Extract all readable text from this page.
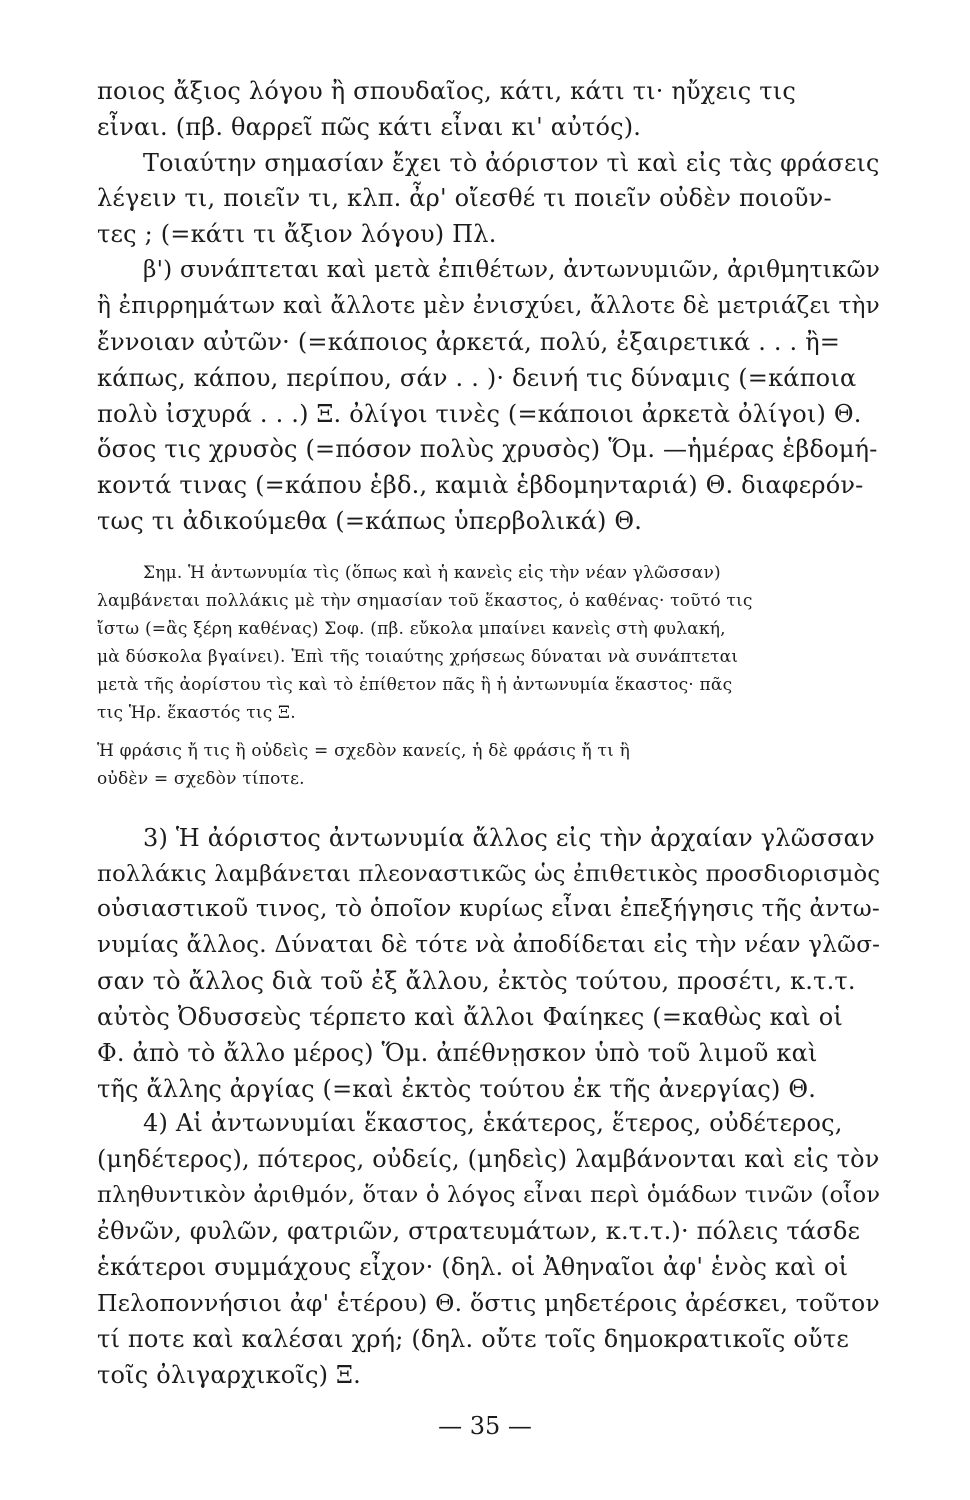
ποιος ἄξιος λόγου ἢ σπουδαῖος, κάτι, κάτι τι· ηὔχεις τις
εἶναι. (πβ. θαρρεῖ πῶς κάτι εἶναι κι' αὐτός).
Τοιαύτην σημασίαν ἔχει τὸ ἀόριστον τὶ καὶ εἰς τὰς φράσεις
λέγειν τι, ποιεῖν τι, κλπ. ἆρ' οἴεσθέ τι ποιεῖν οὐδὲν ποιοῦν-
τες ; (=κάτι τι ἄξιον λόγου) Πλ.
β') συνάπτεται καὶ μετὰ ἐπιθέτων, ἀντωνυμιῶν, ἀριθμητικῶν
ἢ ἐπιρρημάτων καὶ ἄλλοτε μὲν ἐνισχύει, ἄλλοτε δὲ μετριάζει τὴν
ἔννοιαν αὐτῶν· (=κάποιος ἀρκετά, πολύ, ἐξαιρετικά . . . ἢ=
κάπως, κάπου, περίπου, σάν . . )· δεινή τις δύναμις (=κάποια
πολὺ ἰσχυρά . . .) Ξ. ὀλίγοι τινὲς (=κάποιοι ἀρκετὰ ὀλίγοι) Θ.
ὅσος τις χρυσὸς (=πόσον πολὺς χρυσὸς) Ὅμ. —ἡμέρας ἑβδομή-
κοντά τινας (=κάπου ἑβδ., καμιὰ ἑβδομηνταριά) Θ. διαφερόν-
τως τι ἀδικούμεθα (=κάπως ὑπερβολικά) Θ.
Σημ. Ἡ ἀντωνυμία τὶς (ὅπως καὶ ἡ κανεὶς εἰς τὴν νέαν γλῶσσαν)
λαμβάνεται πολλάκις μὲ τὴν σημασίαν τοῦ ἕκαστος, ὁ καθένας· τοῦτό τις
ἴστω (=ἂς ξέρη καθένας) Σοφ. (πβ. εὔκολα μπαίνει κανεὶς στὴ φυλακή,
μὰ δύσκολα βγαίνει). Ἐπὶ τῆς τοιαύτης χρήσεως δύναται νὰ συνάπτεται
μετὰ τῆς ἀορίστου τὶς καὶ τὸ ἐπίθετον πᾶς ἢ ἡ ἀντωνυμία ἕκαστος· πᾶς
τις Ἡρ. ἕκαστός τις Ξ.
Ἡ φράσις ἤ τις ἢ οὐδεὶς = σχεδὸν κανείς, ἡ δὲ φράσις ἤ τι ἢ
οὐδὲν = σχεδὸν τίποτε.
3) Ἡ ἀόριστος ἀντωνυμία ἄλλος εἰς τὴν ἀρχαίαν γλῶσσαν
πολλάκις λαμβάνεται πλεοναστικῶς ὡς ἐπιθετικὸς προσδιορισμὸς
οὐσιαστικοῦ τινος, τὸ ὁποῖον κυρίως εἶναι ἐπεξήγησις τῆς ἀντω-
νυμίας ἄλλος. Δύναται δὲ τότε νὰ ἀποδίδεται εἰς τὴν νέαν γλῶσ-
σαν τὸ ἄλλος διὰ τοῦ ἐξ ἄλλου, ἐκτὸς τούτου, προσέτι, κ.τ.τ.
αὐτὸς Ὀδυσσεὺς τέρπετο καὶ ἄλλοι Φαίηκες (=καθὼς καὶ οἱ
Φ. ἀπὸ τὸ ἄλλο μέρος) Ὅμ. ἀπέθνῃσκον ὑπὸ τοῦ λιμοῦ καὶ
τῆς ἄλλης ἀργίας (=καὶ ἐκτὸς τούτου ἐκ τῆς ἀνεργίας) Θ.
4) Αἱ ἀντωνυμίαι ἕκαστος, ἑκάτερος, ἕτερος, οὐδέτερος,
(μηδέτερος), πότερος, οὐδείς, (μηδεὶς) λαμβάνονται καὶ εἰς τὸν
πληθυντικὸν ἀριθμόν, ὅταν ὁ λόγος εἶναι περὶ ὁμάδων τινῶν (οἷον
ἐθνῶν, φυλῶν, φατριῶν, στρατευμάτων, κ.τ.τ.)· πόλεις τάσδε
ἑκάτεροι συμμάχους εἶχον· (δηλ. οἱ Ἀθηναῖοι ἀφ' ἑνὸς καὶ οἱ
Πελοποννήσιοι ἀφ' ἑτέρου) Θ. ὅστις μηδετέροις ἀρέσκει, τοῦτον
τί ποτε καὶ καλέσαι χρή; (δηλ. οὔτε τοῖς δημοκρατικοῖς οὔτε
τοῖς ὀλιγαρχικοῖς) Ξ.
— 35 —
